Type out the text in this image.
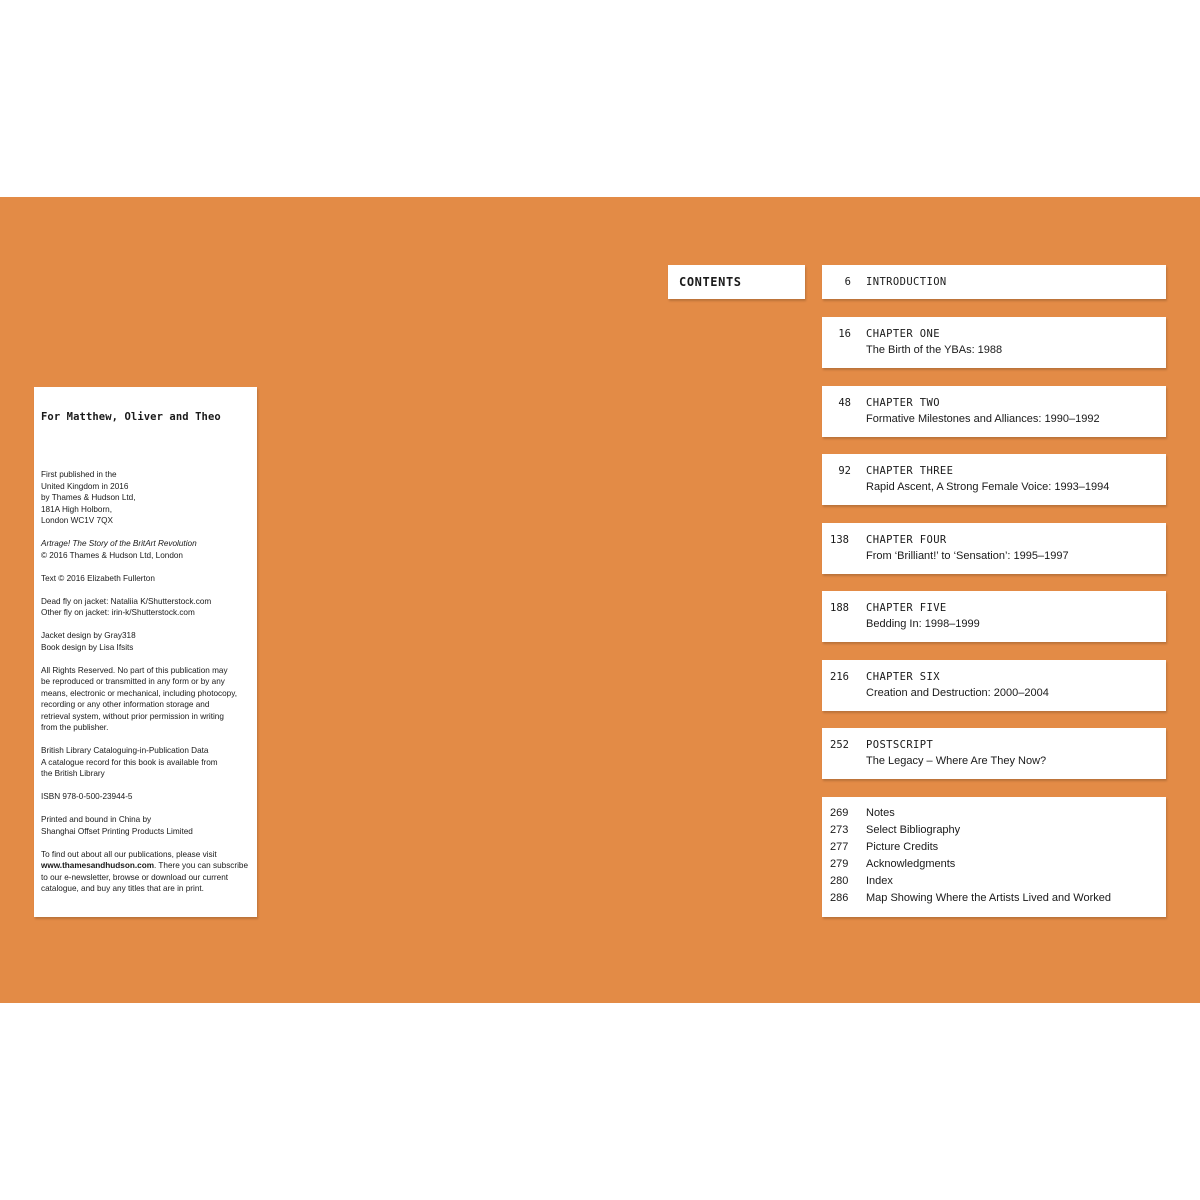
For Matthew, Oliver and Theo

First published in the
United Kingdom in 2016
by Thames & Hudson Ltd,
181A High Holborn,
London WC1V 7QX

Artrage! The Story of the BritArt Revolution
© 2016 Thames & Hudson Ltd, London

Text © 2016 Elizabeth Fullerton

Dead fly on jacket: Nataliia K/Shutterstock.com
Other fly on jacket: irin-k/Shutterstock.com

Jacket design by Gray318
Book design by Lisa Ifsits

All Rights Reserved. No part of this publication may
be reproduced or transmitted in any form or by any
means, electronic or mechanical, including photocopy,
recording or any other information storage and
retrieval system, without prior permission in writing
from the publisher.

British Library Cataloguing-in-Publication Data
A catalogue record for this book is available from
the British Library

ISBN 978-0-500-23944-5

Printed and bound in China by
Shanghai Offset Printing Products Limited

To find out about all our publications, please visit
www.thamesandhudson.com. There you can subscribe
to our e-newsletter, browse or download our current
catalogue, and buy any titles that are in print.

CONTENTS	6	INTRODUCTION
16	CHAPTER ONE
The Birth of the YBAs: 1988
48	CHAPTER TWO
Formative Milestones and Alliances: 1990–1992
92	CHAPTER THREE
Rapid Ascent, A Strong Female Voice: 1993–1994
138	CHAPTER FOUR
From ‘Brilliant!’ to ‘Sensation’: 1995–1997
188	CHAPTER FIVE
Bedding In: 1998–1999
216	CHAPTER SIX
Creation and Destruction: 2000–2004
252	POSTSCRIPT
The Legacy – Where Are They Now?
269	Notes
273	Select Bibliography
277	Picture Credits
279	Acknowledgments
280	Index
286	Map Showing Where the Artists Lived and Worked
